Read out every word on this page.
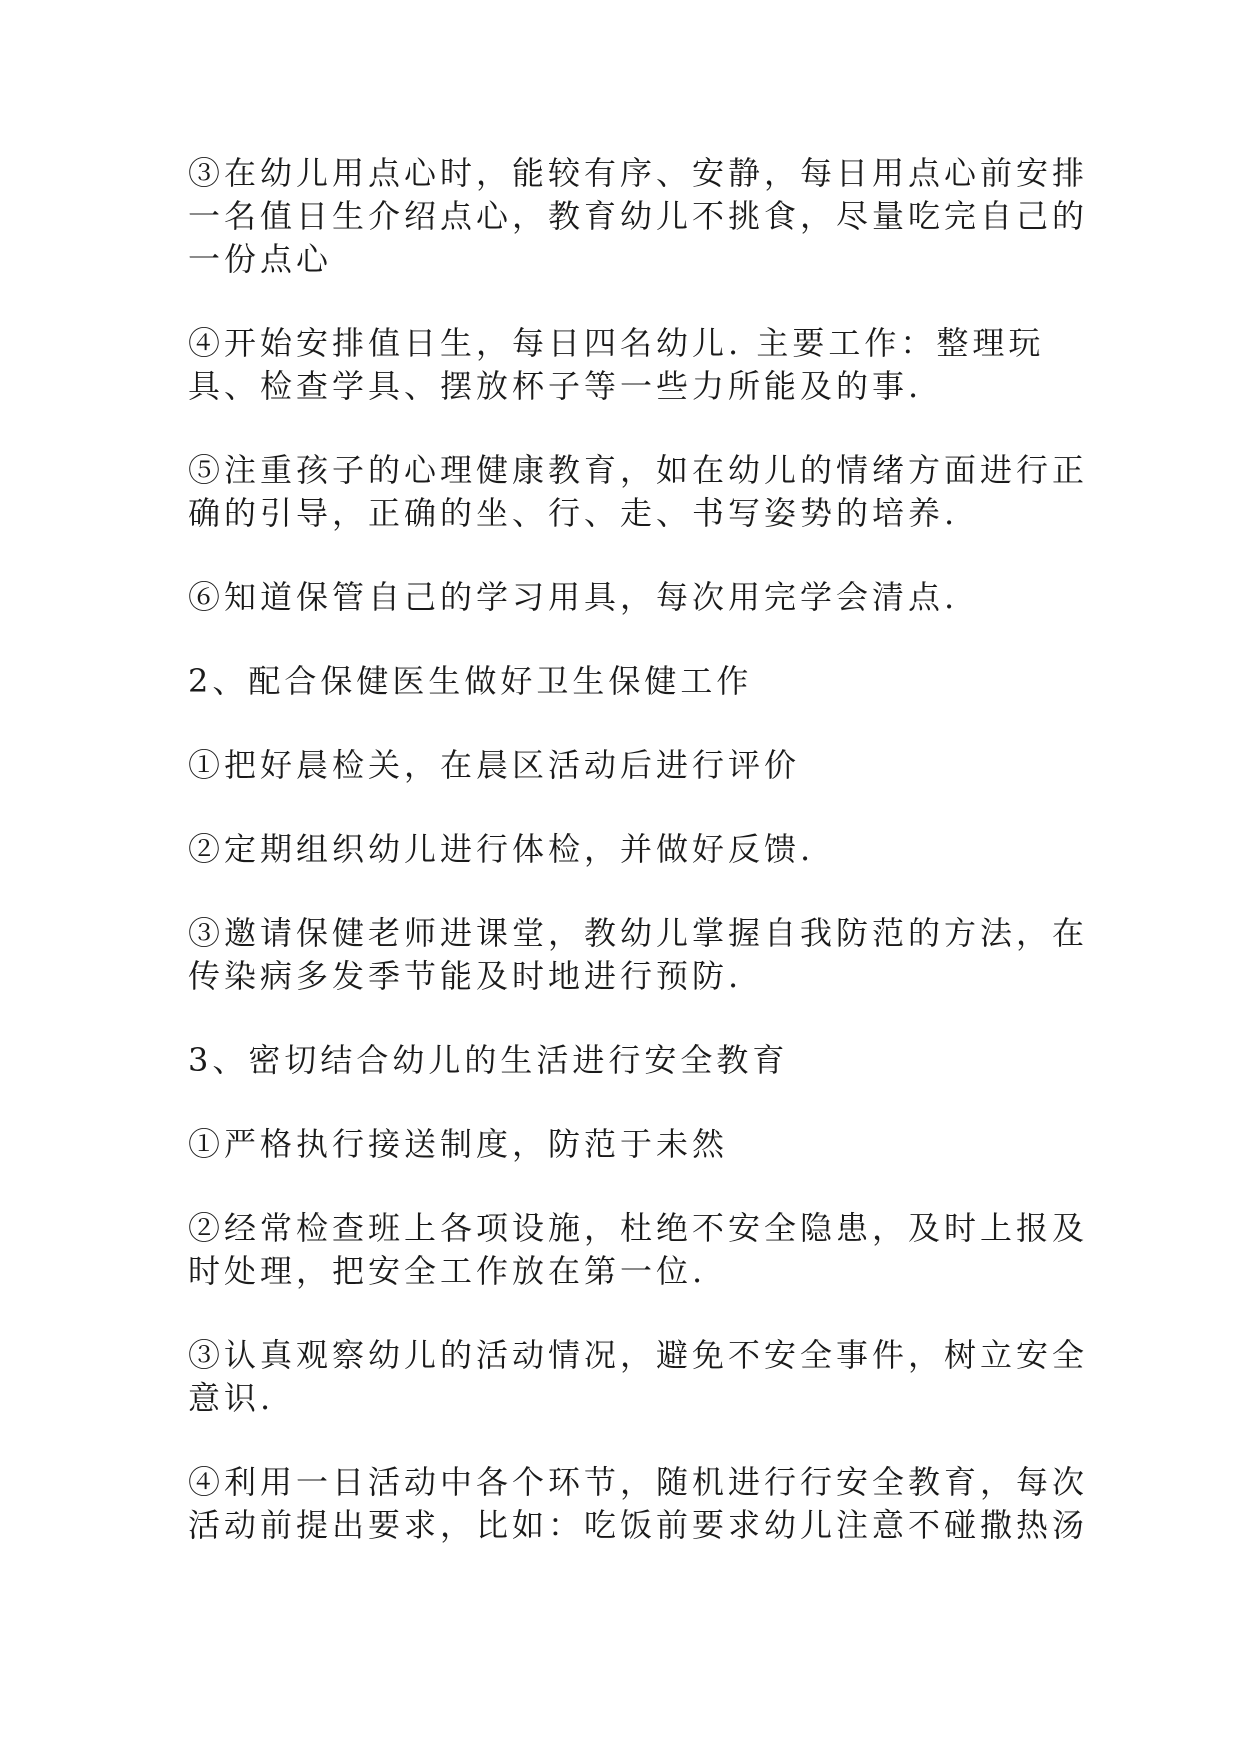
③在幼儿用点心时，能较有序、安静，每日用点心前安排
一名值日生介绍点心，教育幼儿不挑食，尽量吃完自己的
一份点心

④开始安排值日生，每日四名幼儿. 主要工作：整理玩
具、检查学具、摆放杯子等一些力所能及的事.

⑤注重孩子的心理健康教育，如在幼儿的情绪方面进行正
确的引导，正确的坐、行、走、书写姿势的培养.

⑥知道保管自己的学习用具，每次用完学会清点.

2、配合保健医生做好卫生保健工作

①把好晨检关，在晨区活动后进行评价

②定期组织幼儿进行体检，并做好反馈.

③邀请保健老师进课堂，教幼儿掌握自我防范的方法，在
传染病多发季节能及时地进行预防.

3、密切结合幼儿的生活进行安全教育

①严格执行接送制度，防范于未然

②经常检查班上各项设施，杜绝不安全隐患，及时上报及
时处理，把安全工作放在第一位.

③认真观察幼儿的活动情况，避免不安全事件，树立安全
意识.

④利用一日活动中各个环节，随机进行行安全教育，每次
活动前提出要求，比如：吃饭前要求幼儿注意不碰撒热汤
